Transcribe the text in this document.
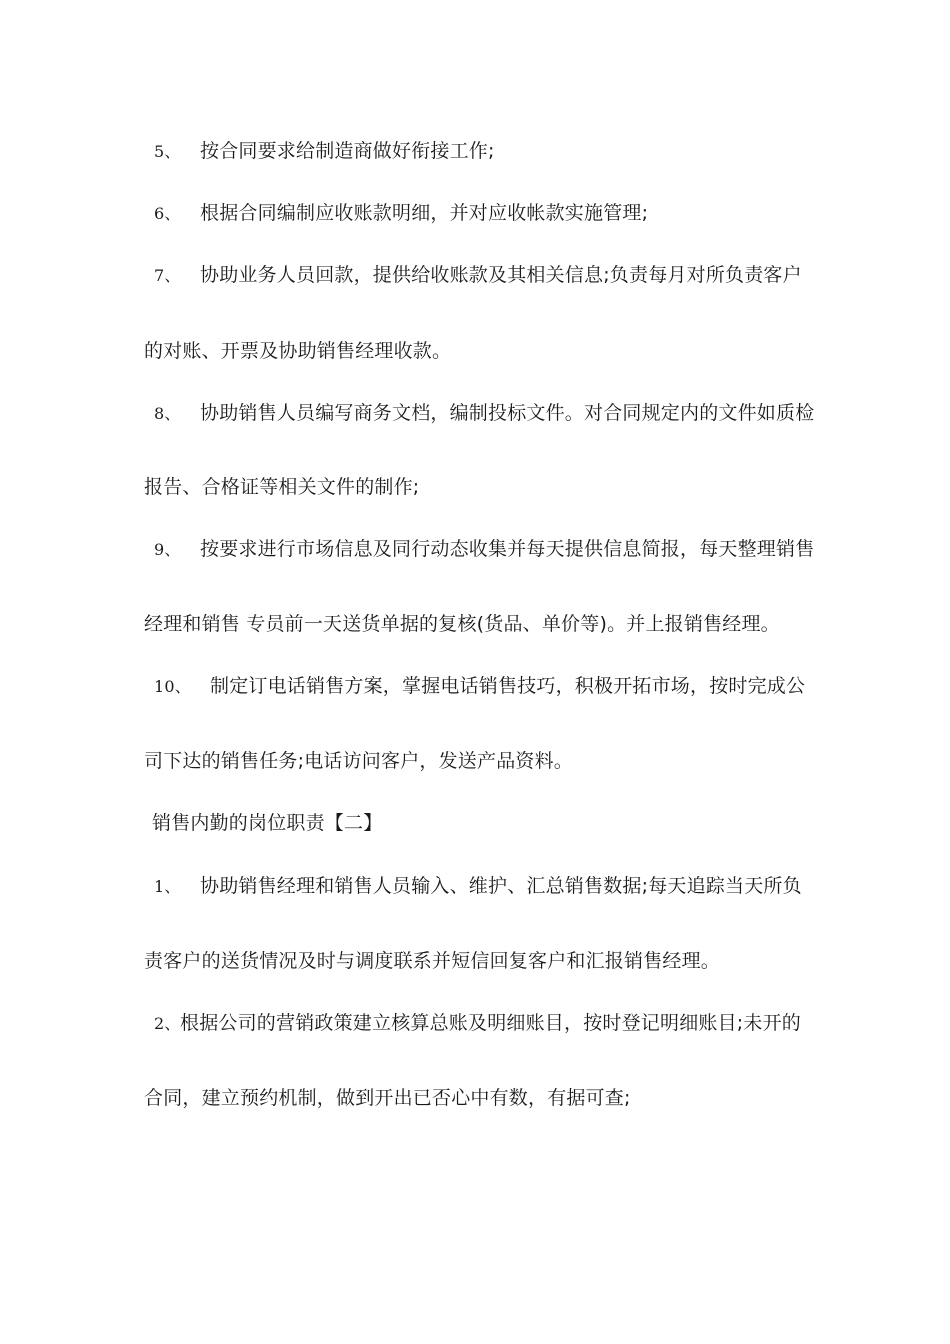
5、 按合同要求给制造商做好衔接工作;
6、 根据合同编制应收账款明细，并对应收帐款实施管理;
7、 协助业务人员回款，提供给收账款及其相关信息;负责每月对所负责客户
的对账、开票及协助销售经理收款。
8、 协助销售人员编写商务文档，编制投标文件。对合同规定内的文件如质检
报告、合格证等相关文件的制作;
9、 按要求进行市场信息及同行动态收集并每天提供信息简报，每天整理销售
经理和销售 专员前一天送货单据的复核(货品、单价等)。并上报销售经理。
10、 制定订电话销售方案，掌握电话销售技巧，积极开拓市场，按时完成公
司下达的销售任务;电话访问客户，发送产品资料。
销售内勤的岗位职责【二】
1、 协助销售经理和销售人员输入、维护、汇总销售数据;每天追踪当天所负
责客户的送货情况及时与调度联系并短信回复客户和汇报销售经理。
2、根据公司的营销政策建立核算总账及明细账目，按时登记明细账目;未开的
合同，建立预约机制，做到开出已否心中有数，有据可查;
